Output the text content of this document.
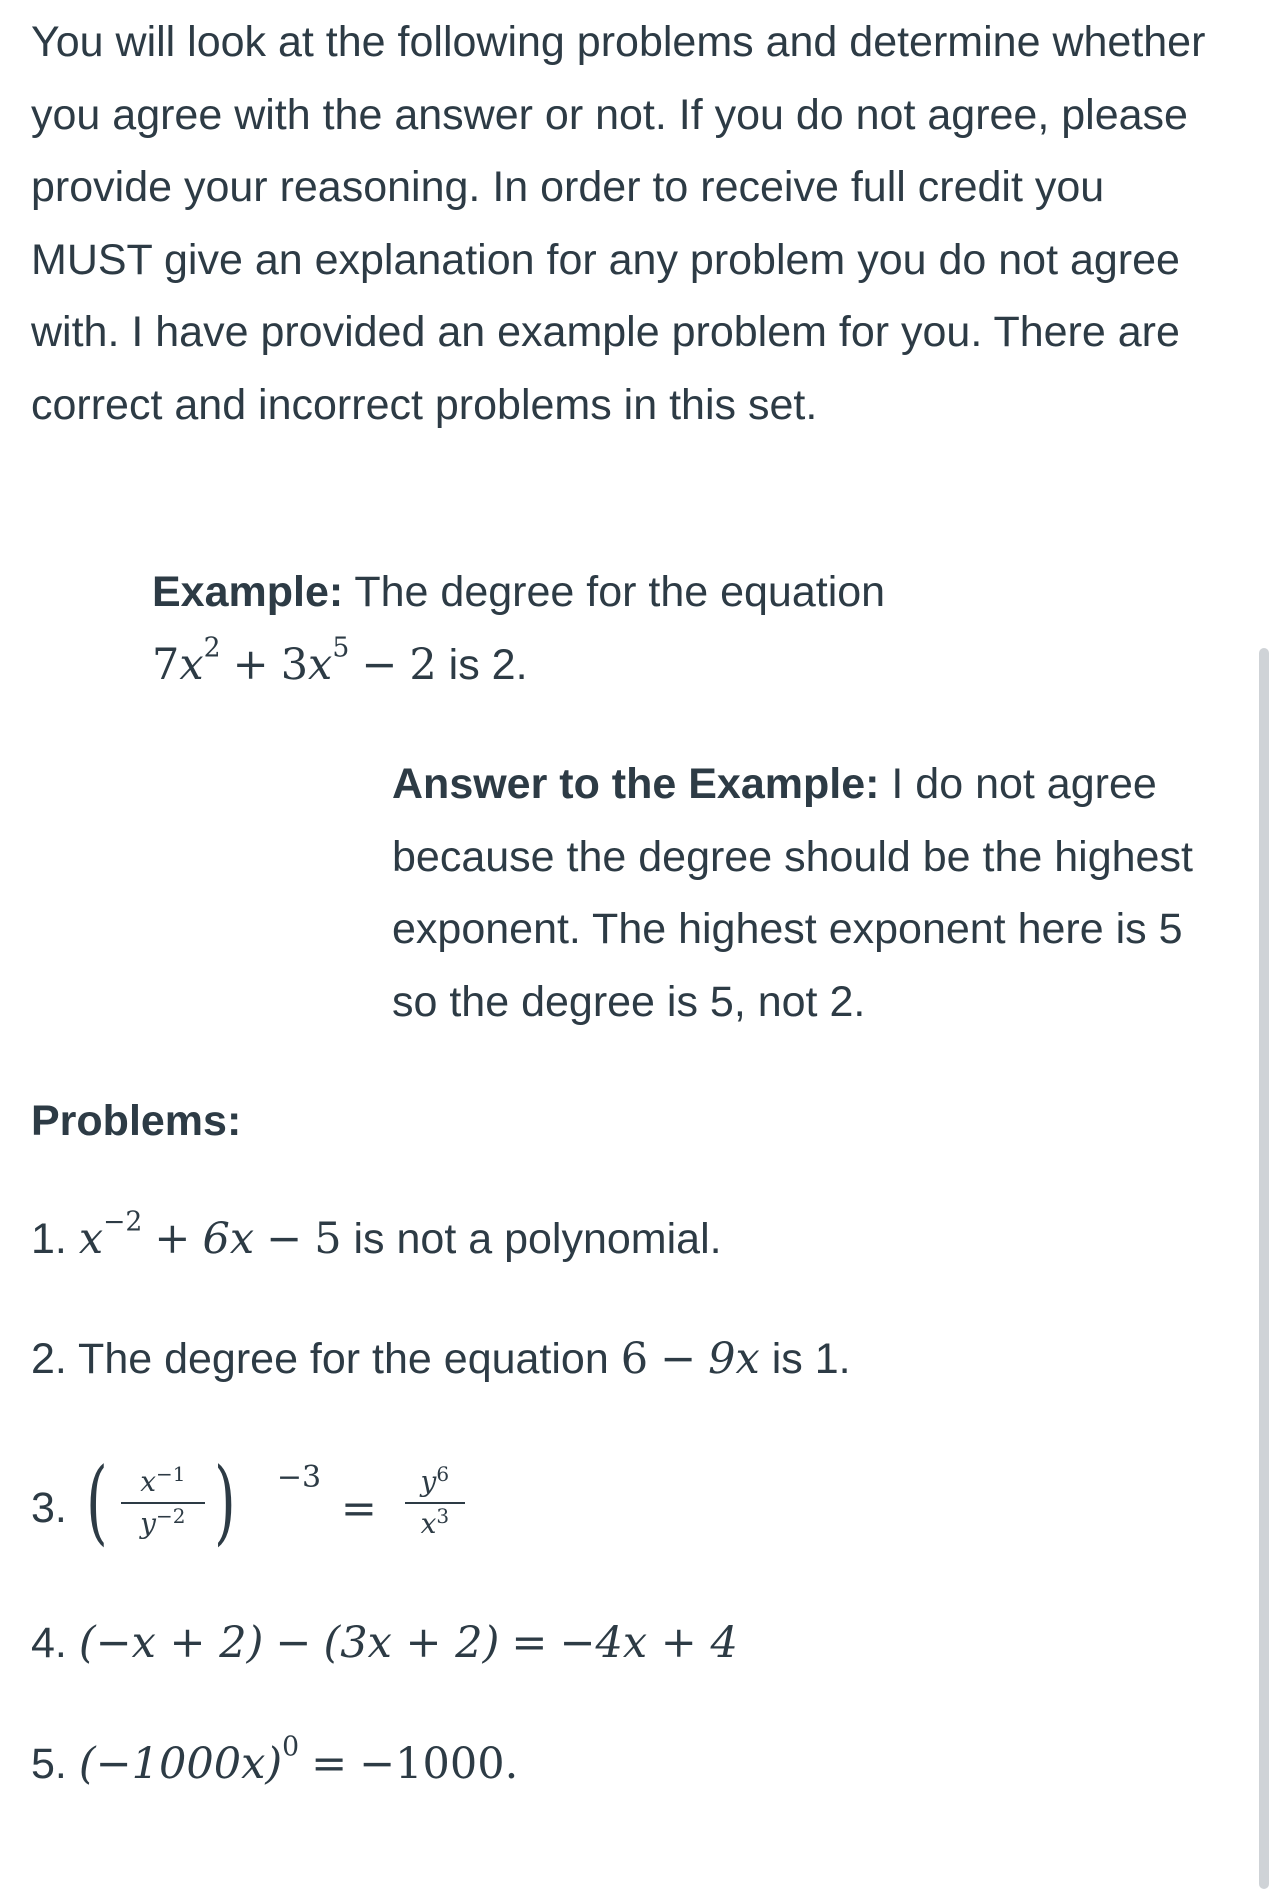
You will look at the following problems and determine whether you agree with the answer or not. If you do not agree, please provide your reasoning. In order to receive full credit you MUST give an explanation for any problem you do not agree with. I have provided an example problem for you. There are correct and incorrect problems in this set.

Example: The degree for the equation
$7x^2 + 3x^5 - 2$ is 2.
Answer to the Example: I do not agree because the degree should be the highest exponent. The highest exponent here is 5 so the degree is 5, not 2.
Problems:
1. $x^{-2} + 6x - 5$ is not a polynomial.
2. The degree for the equation 6 − 9x is 1.
3. (	$x^{-1}$
$y^{-2}$ ) −3
=
$y^6$
$x^3$
4. (−x + 2) − (3x + 2) = −4x + 4
5. $(-1000x)^0 = -1000$.
